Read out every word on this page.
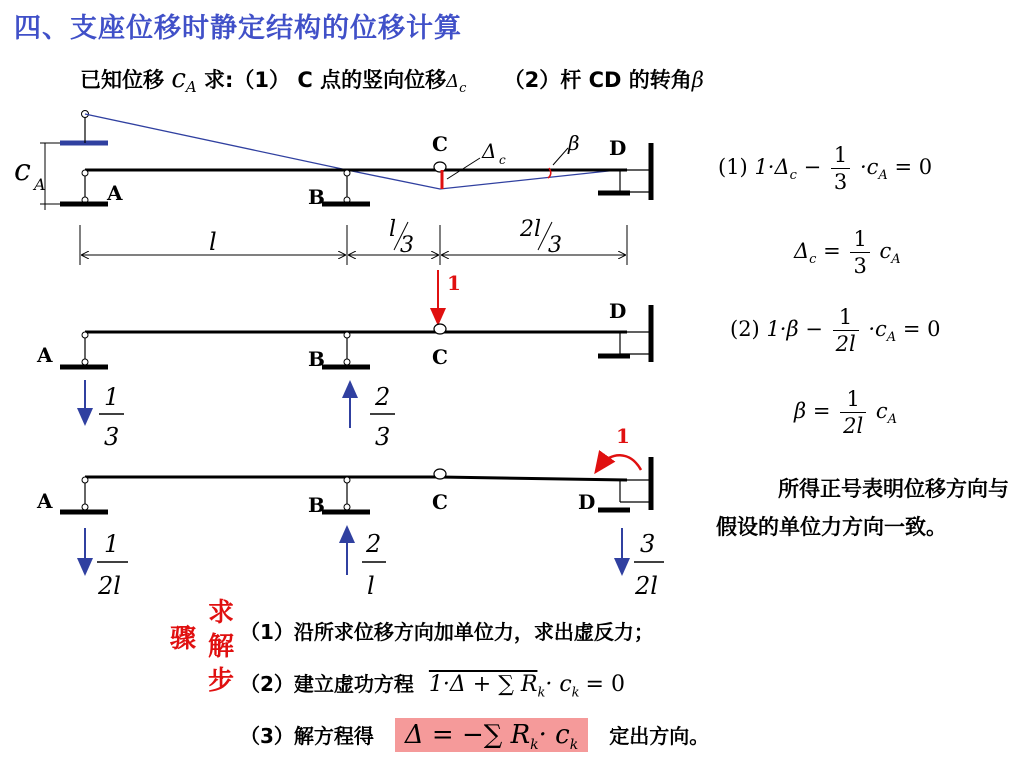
四、支座位移时静定结构的位移计算
已知位移 $c_A$ 求:（1） C 点的竖向位移$\Delta_c$ （2）杆 CD 的转角β
c A	A	B
C	D
Δ c
β
l	l
3
2l
3
1
A	B	C
D
1
3
2
3	1
A	B	C	D
1
2l
2
l
3
2l
(1) $1\cdot\Delta_c - \frac{1}{3} \cdot c_A = 0$
$\Delta_c = \frac{1}{3} c_A$
(2) $1\cdot\beta - \frac{1}{2l} \cdot c_A = 0$
$\beta = \frac{1}{2l} c_A$
所得正号表明位移方向与假设的单位力方向一致。
骤
求
解
步
（1）沿所求位移方向加单位力，求出虚反力；
（2）建立虚功方程 1·Δ + ∑ $R_k\cdot c_k = 0$
（3）解方程得 Δ = −∑ $R_k\cdot c_k$ 定出方向。
